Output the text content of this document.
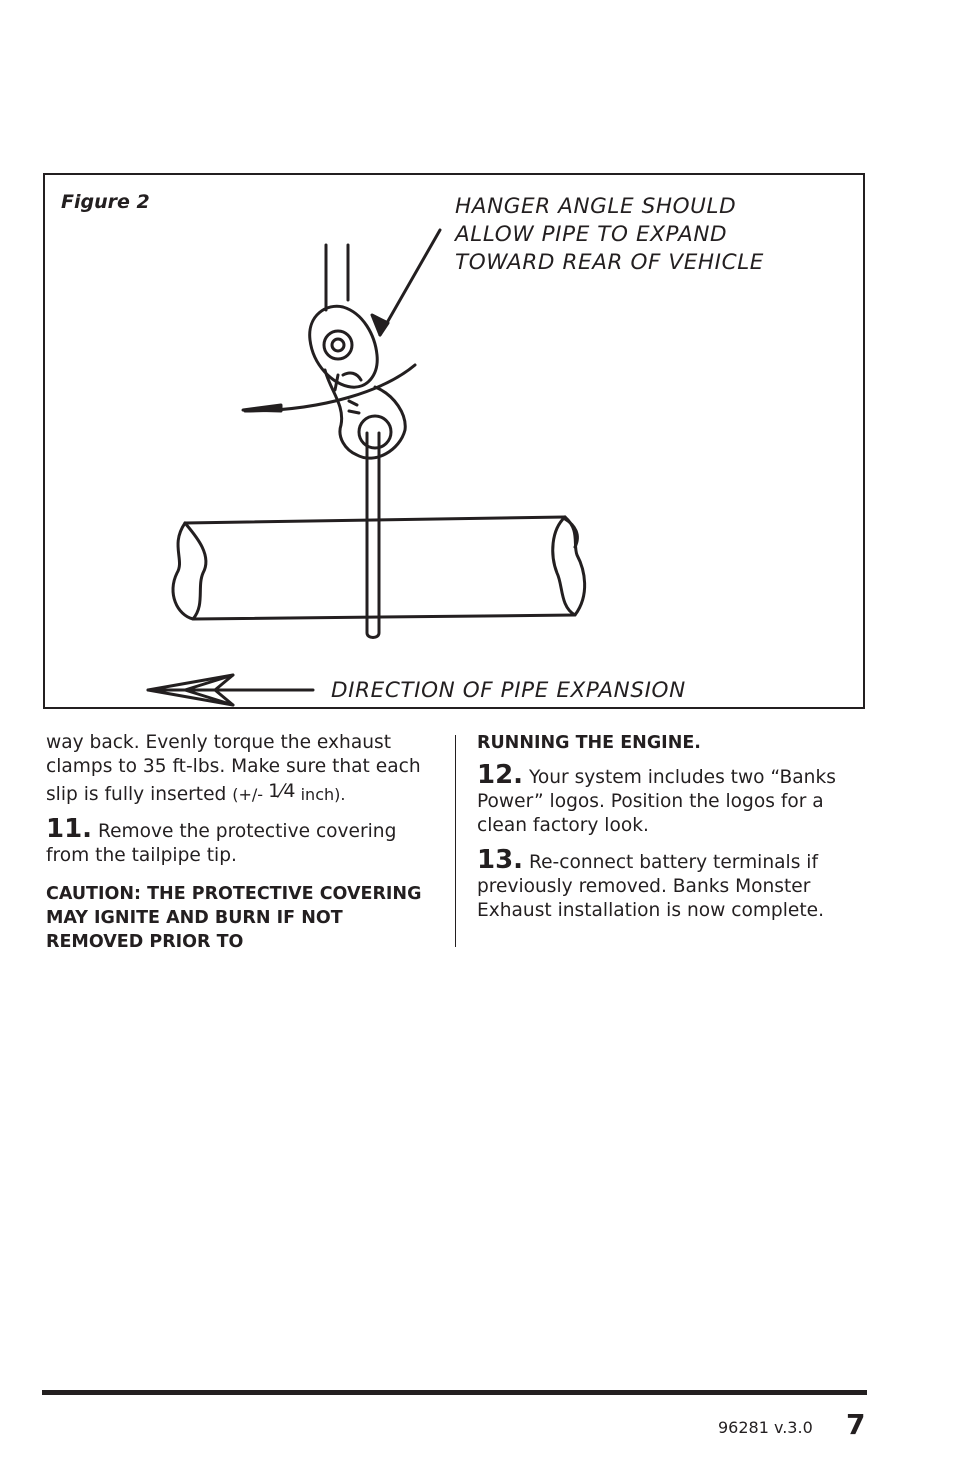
Figure 2	HANGER ANGLE SHOULD
ALLOW PIPE TO EXPAND
TOWARD REAR OF VEHICLE
DIRECTION OF PIPE EXPANSION

way back. Evenly torque the exhaust clamps to 35 ft-lbs. Make sure that each slip is fully inserted (+/- 1⁄4 inch).

11. Remove the protective covering from the tailpipe tip.

CAUTION: THE PROTECTIVE COVERING MAY IGNITE AND BURN IF NOT REMOVED PRIOR TO

RUNNING THE ENGINE.

12. Your system includes two “Banks Power” logos. Position the logos for a clean factory look.

13. Re-connect battery terminals if previously removed. Banks Monster Exhaust installation is now complete.

96281 v.3.0 7
